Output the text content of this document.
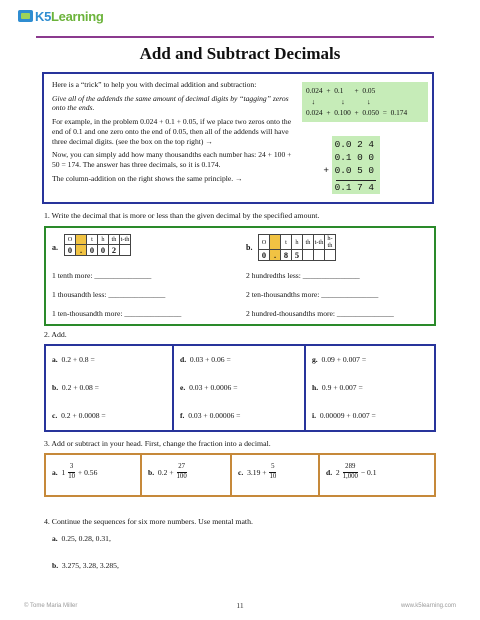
K5Learning
Add and Subtract Decimals

Here is a “trick” to help you with decimal addition and subtraction:

Give all of the addends the same amount of decimal digits by “tagging” zeros onto the ends.

For example, in the problem 0.024 + 0.1 + 0.05, if we place two zeros onto the end of 0.1 and one zero onto the end of 0.05, then all of the addends will have three decimal digits. (see the box on the top right) →

Now, you can simply add how many thousandths each number has: 24 + 100 + 50 = 174. The answer has three decimals, so it is 0.174.

The column-addition on the right shows the same principle. →

0.024  +  0.1      +  0.05
↓              ↓            ↓
0.024  +  0.100  +  0.050  =  0.174
0.0 2 4
0.1 0 0
+ 0.0 5 0
0.1 7 4
1. Write the decimal that is more or less than the given decimal by the specified amount.
a.
O		t	h	th	t-th
0	.	0	0	2	
1 tenth more: _______________
1 thousandth less: _______________
1 ten-thousandth more: _______________
b.
O		t	h	th	t-th	h-th
0	.	8	5			
2 hundredths less: _______________
2 ten-thousandths more: _______________
2 hundred-thousandths more: _______________
2. Add.
a. 0.2 + 0.8 =
b. 0.2 + 0.08 =
c. 0.2 + 0.0008 =
d. 0.03 + 0.06 =
e. 0.03 + 0.0006 =
f. 0.03 + 0.00006 =
g. 0.09 + 0.007 =
h. 0.9 + 0.007 =
i. 0.00009 + 0.007 =
3. Add or subtract in your head. First, change the fraction into a decimal.
a. $1 \frac{3}{10} + 0.56$	b. $0.2 + \frac{27}{100}$	c. $3.19 + \frac{5}{10}$	d. $2 \frac{289}{1,000} - 0.1$
4. Continue the sequences for six more numbers. Use mental math.
a. 0.25, 0.28, 0.31,
b. 3.275, 3.28, 3.285,
© Tome Maria Miller	11	www.k5learning.com
